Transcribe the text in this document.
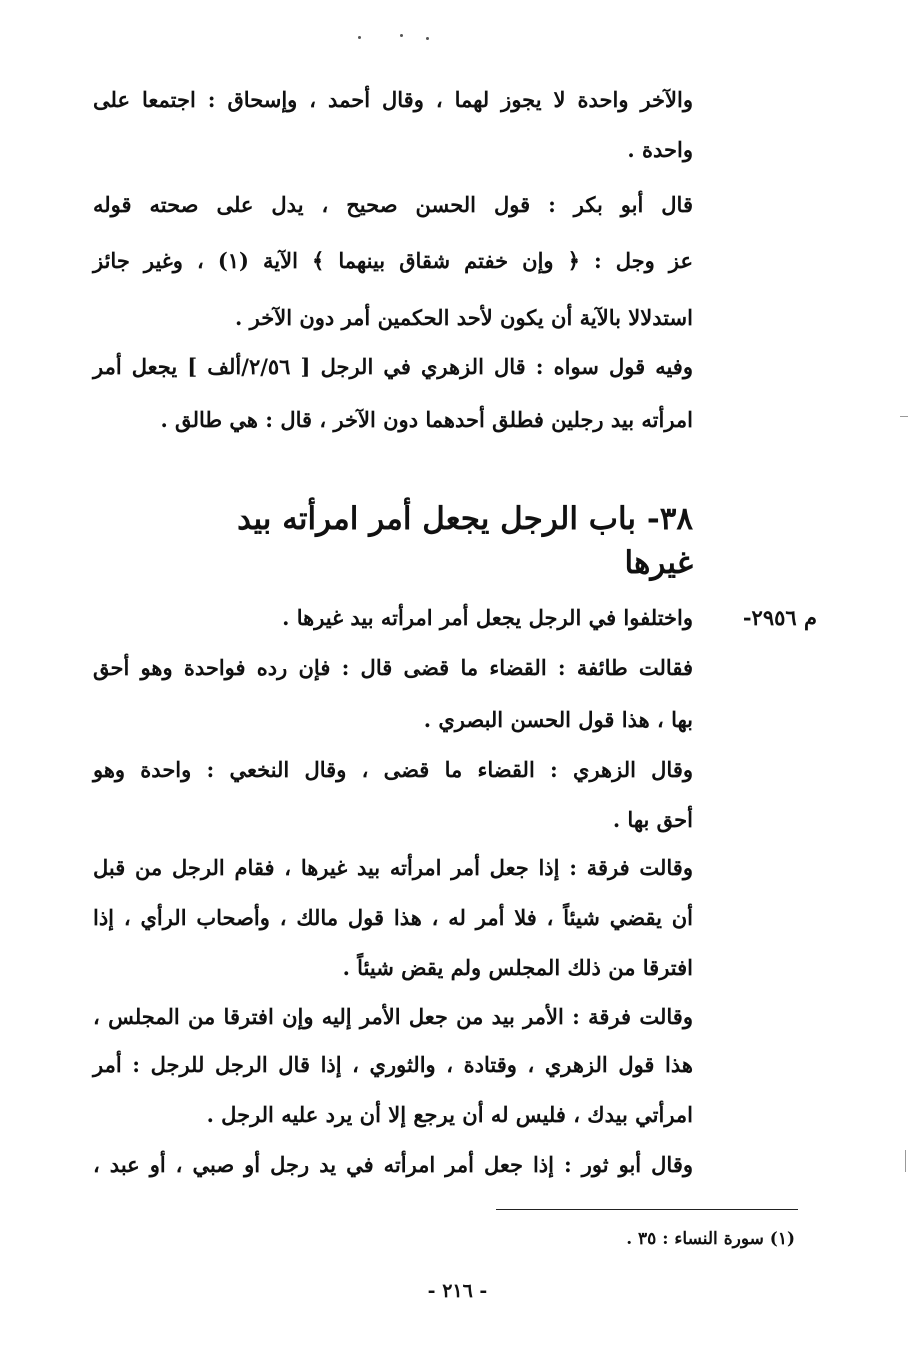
والآخر واحدة لا يجوز لهما ، وقال أحمد ، وإسحاق : اجتمعا على
واحدة .
قال أبو بكر : قول الحسن صحيح ، يدل على صحته قوله
عز وجل : ﴿ وإن خفتم شقاق بينهما ﴾ الآية (١) ، وغير جائز
استدلالا بالآية أن يكون لأحد الحكمين أمر دون الآخر .
وفيه قول سواه : قال الزهري في الرجل [ ٢/٥٦/ألف ] يجعل أمر
امرأته بيد رجلين فطلق أحدهما دون الآخر ، قال : هي طالق .
٣٨- باب الرجل يجعل أمر امرأته بيد غيرها
م ٢٩٥٦-
واختلفوا في الرجل يجعل أمر امرأته بيد غيرها .
فقالت طائفة : القضاء ما قضى قال : فإن رده فواحدة وهو أحق
بها ، هذا قول الحسن البصري .
وقال الزهري : القضاء ما قضى ، وقال النخعي : واحدة وهو
أحق بها .
وقالت فرقة : إذا جعل أمر امرأته بيد غيرها ، فقام الرجل من قبل
أن يقضي شيئاً ، فلا أمر له ، هذا قول مالك ، وأصحاب الرأي ، إذا
افترقا من ذلك المجلس ولم يقض شيئاً .
وقالت فرقة : الأمر بيد من جعل الأمر إليه وإن افترقا من المجلس ،
هذا قول الزهري ، وقتادة ، والثوري ، إذا قال الرجل للرجل : أمر
امرأتي بيدك ، فليس له أن يرجع إلا أن يرد عليه الرجل .
وقال أبو ثور : إذا جعل أمر امرأته في يد رجل أو صبي ، أو عبد ،
(١) سورة النساء : ٣٥ .
- ٢١٦ -
